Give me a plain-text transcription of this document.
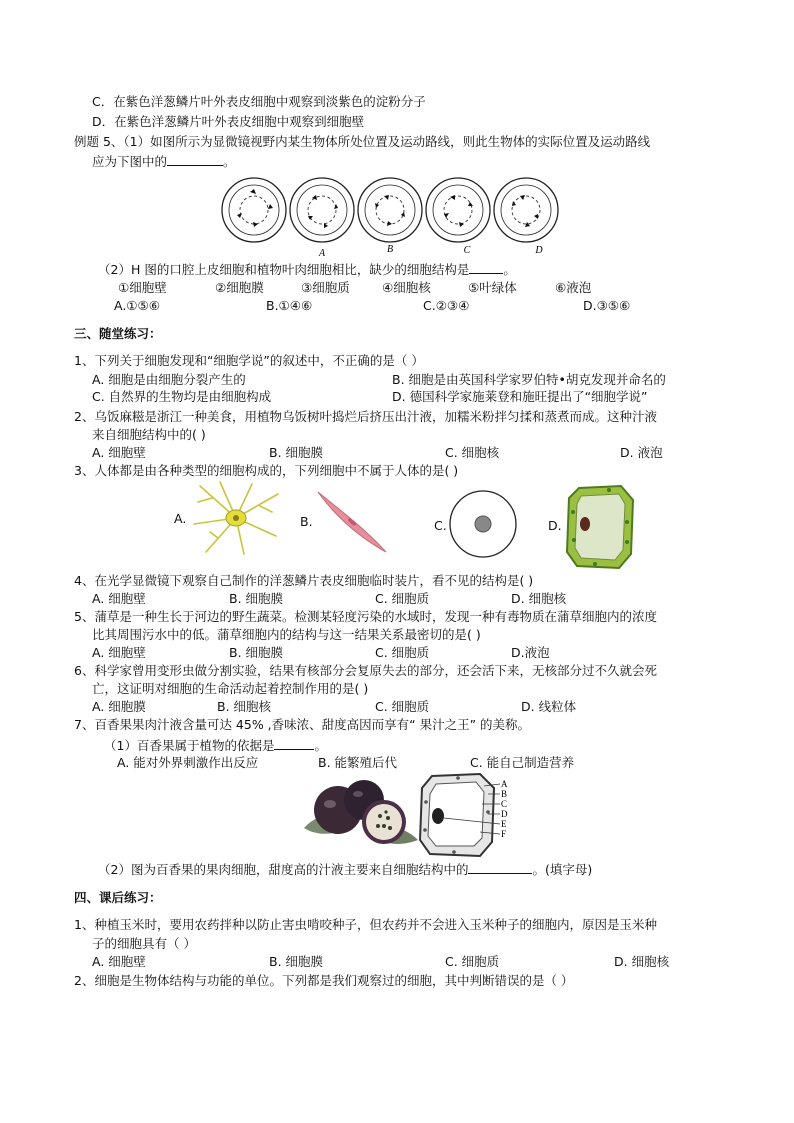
C．在紫色洋葱鳞片叶外表皮细胞中观察到淡紫色的淀粉分子
D．在紫色洋葱鳞片叶外表皮细胞中观察到细胞壁
例题 5、（1）如图所示为显微镜视野内某生物体所处位置及运动路线，则此生物体的实际位置及运动路线
应为下图中的	。
A	B	C	D
（2）H 图的口腔上皮细胞和植物叶肉细胞相比，缺少的细胞结构是	。
①细胞壁	②细胞膜	③细胞质	④细胞核	⑤叶绿体	⑥液泡
A.①⑤⑥	B.①④⑥	C.②③④	D.③⑤⑥
三、随堂练习：
1、下列关于细胞发现和“细胞学说”的叙述中，不正确的是（ ）
A. 细胞是由细胞分裂产生的	B. 细胞是由英国科学家罗伯特•胡克发现并命名的
C. 自然界的生物均是由细胞构成	D. 德国科学家施莱登和施旺提出了“细胞学说”
2、乌饭麻糍是浙江一种美食，用植物乌饭树叶捣烂后挤压出汁液，加糯米粉拌匀揉和蒸煮而成。这种汁液
来自细胞结构中的( )
A. 细胞壁	B. 细胞膜	C. 细胞核	D. 液泡
3、人体都是由各种类型的细胞构成的，下列细胞中不属于人体的是( )
A.	B.	C.	D.
4、在光学显微镜下观察自己制作的洋葱鳞片表皮细胞临时装片，看不见的结构是( )
A. 细胞壁	B. 细胞膜	C. 细胞质	D. 细胞核
5、蒲草是一种生长于河边的野生蔬菜。检测某轻度污染的水域时，发现一种有毒物质在蒲草细胞内的浓度
比其周围污水中的低。蒲草细胞内的结构与这一结果关系最密切的是( )
A. 细胞壁	B. 细胞膜	C. 细胞质	D.液泡
6、科学家曾用变形虫做分割实验，结果有核部分会复原失去的部分，还会活下来，无核部分过不久就会死
亡，这证明对细胞的生命活动起着控制作用的是( )
A. 细胞膜	B. 细胞核	C. 细胞质	D. 线粒体
7、百香果果肉汁液含量可达 45% ,香味浓、甜度高因而享有“ 果汁之王” 的美称。
（1）百香果属于植物的依据是	。
A. 能对外界刺激作出反应	B. 能繁殖后代	C. 能自己制造营养
A
B
C
D
E
F
（2）图为百香果的果肉细胞，甜度高的汁液主要来自细胞结构中的	。(填字母)
四、课后练习：
1、种植玉米时，要用农药拌种以防止害虫啃咬种子，但农药并不会进入玉米种子的细胞内，原因是玉米种
子的细胞具有（ ）
A. 细胞壁	B. 细胞膜	C. 细胞质	D. 细胞核
2、细胞是生物体结构与功能的单位。下列都是我们观察过的细胞，其中判断错误的是（ ）
